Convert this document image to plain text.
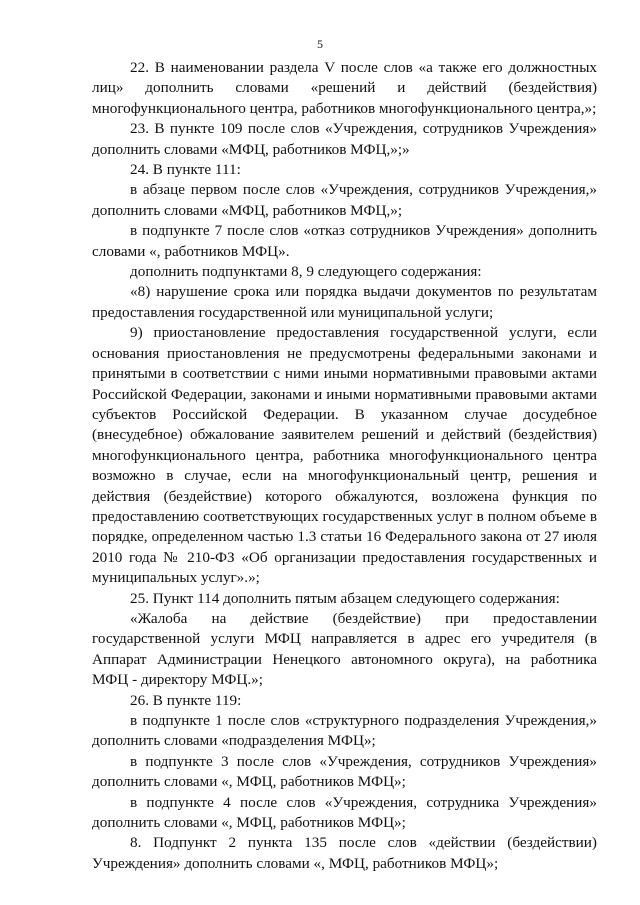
5

22. В наименовании раздела V после слов «а также его должностных лиц» дополнить словами «решений и действий (бездействия) многофункционального центра, работников многофункционального центра,»;

23. В пункте 109 после слов «Учреждения, сотрудников Учреждения» дополнить словами «МФЦ, работников МФЦ,»;»

24. В пункте 111:

в абзаце первом после слов «Учреждения, сотрудников Учреждения,» дополнить словами «МФЦ, работников МФЦ,»;

в подпункте 7 после слов «отказ сотрудников Учреждения» дополнить словами «, работников МФЦ».

дополнить подпунктами 8, 9 следующего содержания:

«8) нарушение срока или порядка выдачи документов по результатам предоставления государственной или муниципальной услуги;

9) приостановление предоставления государственной услуги, если основания приостановления не предусмотрены федеральными законами и принятыми в соответствии с ними иными нормативными правовыми актами Российской Федерации, законами и иными нормативными правовыми актами субъектов Российской Федерации. В указанном случае досудебное (внесудебное) обжалование заявителем решений и действий (бездействия) многофункционального центра, работника многофункционального центра возможно в случае, если на многофункциональный центр, решения и действия (бездействие) которого обжалуются, возложена функция по предоставлению соответствующих государственных услуг в полном объеме в порядке, определенном частью 1.3 статьи 16 Федерального закона от 27 июля 2010 года № 210-ФЗ «Об организации предоставления государственных и муниципальных услуг».»;

25. Пункт 114 дополнить пятым абзацем следующего содержания:

«Жалоба на действие (бездействие) при предоставлении государственной услуги МФЦ направляется в адрес его учредителя (в Аппарат Администрации Ненецкого автономного округа), на работника МФЦ - директору МФЦ.»;

26. В пункте 119:

в подпункте 1 после слов «структурного подразделения Учреждения,» дополнить словами «подразделения МФЦ»;

в подпункте 3 после слов «Учреждения, сотрудников Учреждения» дополнить словами «, МФЦ, работников МФЦ»;

в подпункте 4 после слов «Учреждения, сотрудника Учреждения» дополнить словами «, МФЦ, работников МФЦ»;

8. Подпункт 2 пункта 135 после слов «действии (бездействии) Учреждения» дополнить словами «, МФЦ, работников МФЦ»;
